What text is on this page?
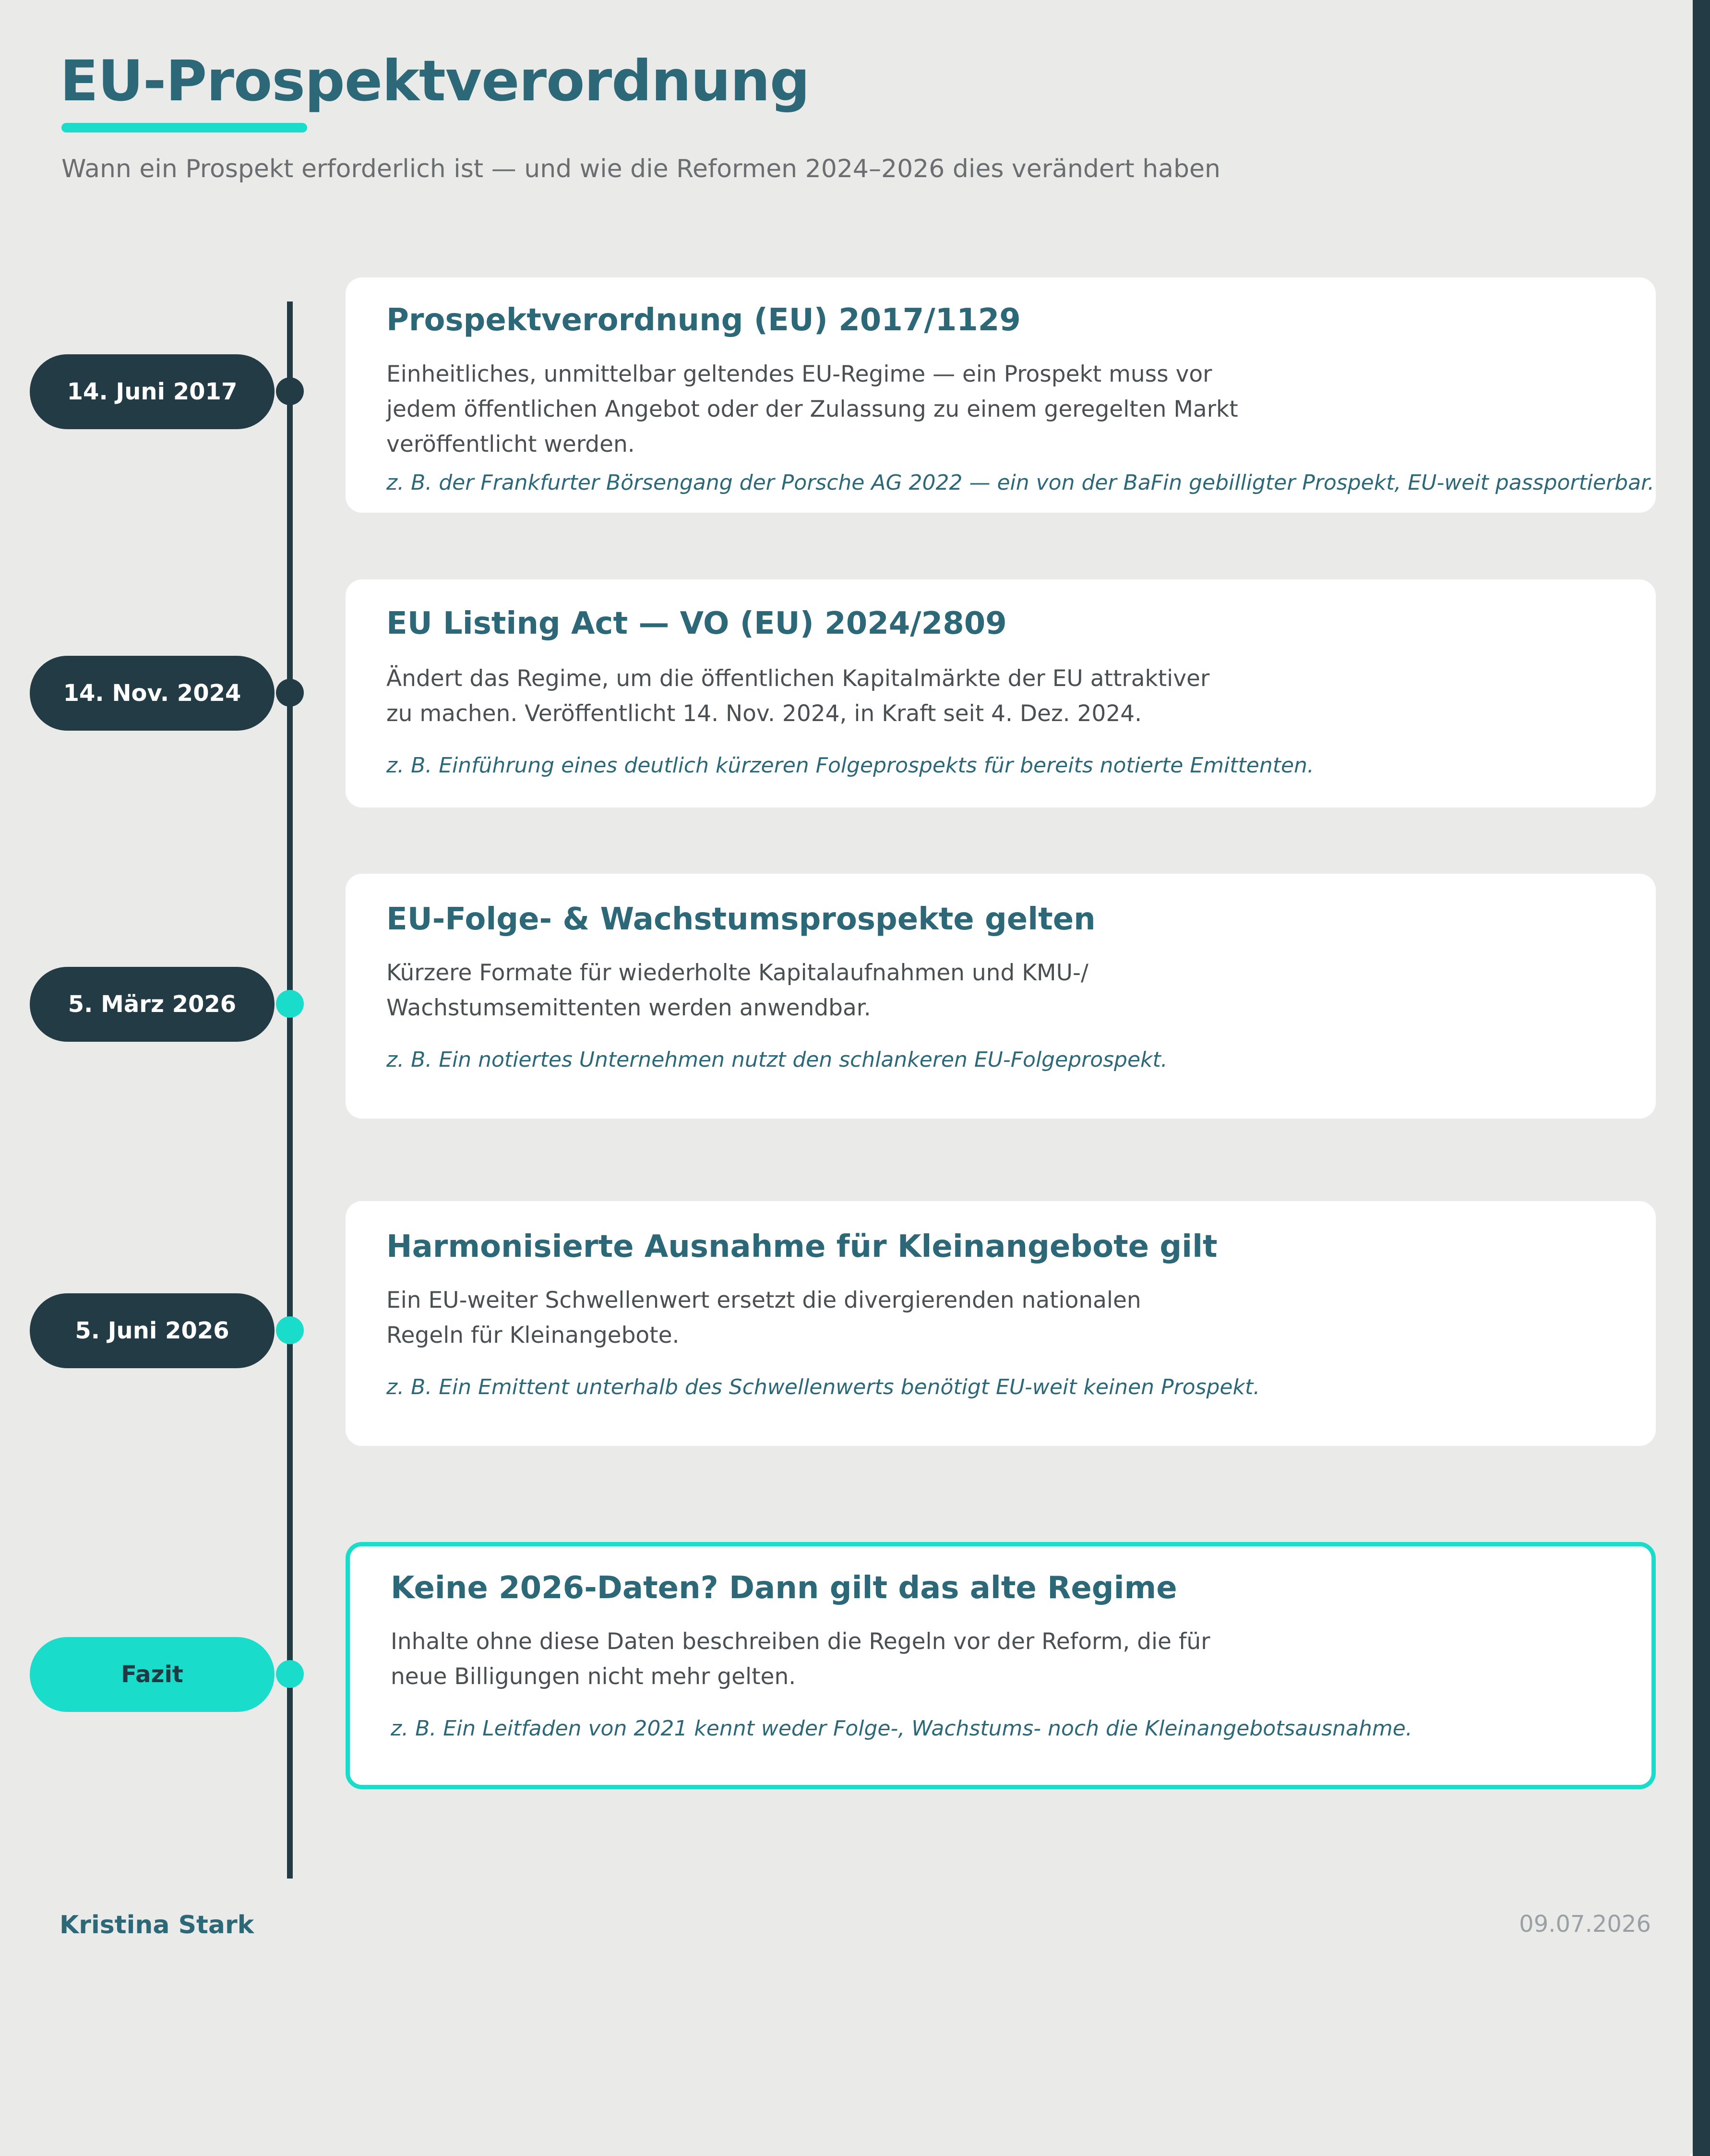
EU-Prospektverordnung
Wann ein Prospekt erforderlich ist — und wie die Reformen 2024–2026 dies verändert haben
14. Juni 2017
Prospektverordnung (EU) 2017/1129

Einheitliches, unmittelbar geltendes EU-Regime — ein Prospekt muss vor
jedem öffentlichen Angebot oder der Zulassung zu einem geregelten Markt
veröffentlicht werden.

z. B. der Frankfurter Börsengang der Porsche AG 2022 — ein von der BaFin gebilligter Prospekt, EU-weit passportierbar.

14. Nov. 2024
EU Listing Act — VO (EU) 2024/2809

Ändert das Regime, um die öffentlichen Kapitalmärkte der EU attraktiver
zu machen. Veröffentlicht 14. Nov. 2024, in Kraft seit 4. Dez. 2024.

z. B. Einführung eines deutlich kürzeren Folgeprospekts für bereits notierte Emittenten.

5. März 2026
EU-Folge- & Wachstumsprospekte gelten

Kürzere Formate für wiederholte Kapitalaufnahmen und KMU-/
Wachstumsemittenten werden anwendbar.

z. B. Ein notiertes Unternehmen nutzt den schlankeren EU-Folgeprospekt.

5. Juni 2026
Harmonisierte Ausnahme für Kleinangebote gilt

Ein EU-weiter Schwellenwert ersetzt die divergierenden nationalen
Regeln für Kleinangebote.

z. B. Ein Emittent unterhalb des Schwellenwerts benötigt EU-weit keinen Prospekt.

Fazit
Keine 2026-Daten? Dann gilt das alte Regime

Inhalte ohne diese Daten beschreiben die Regeln vor der Reform, die für
neue Billigungen nicht mehr gelten.

z. B. Ein Leitfaden von 2021 kennt weder Folge-, Wachstums- noch die Kleinangebotsausnahme.

Kristina Stark	09.07.2026
